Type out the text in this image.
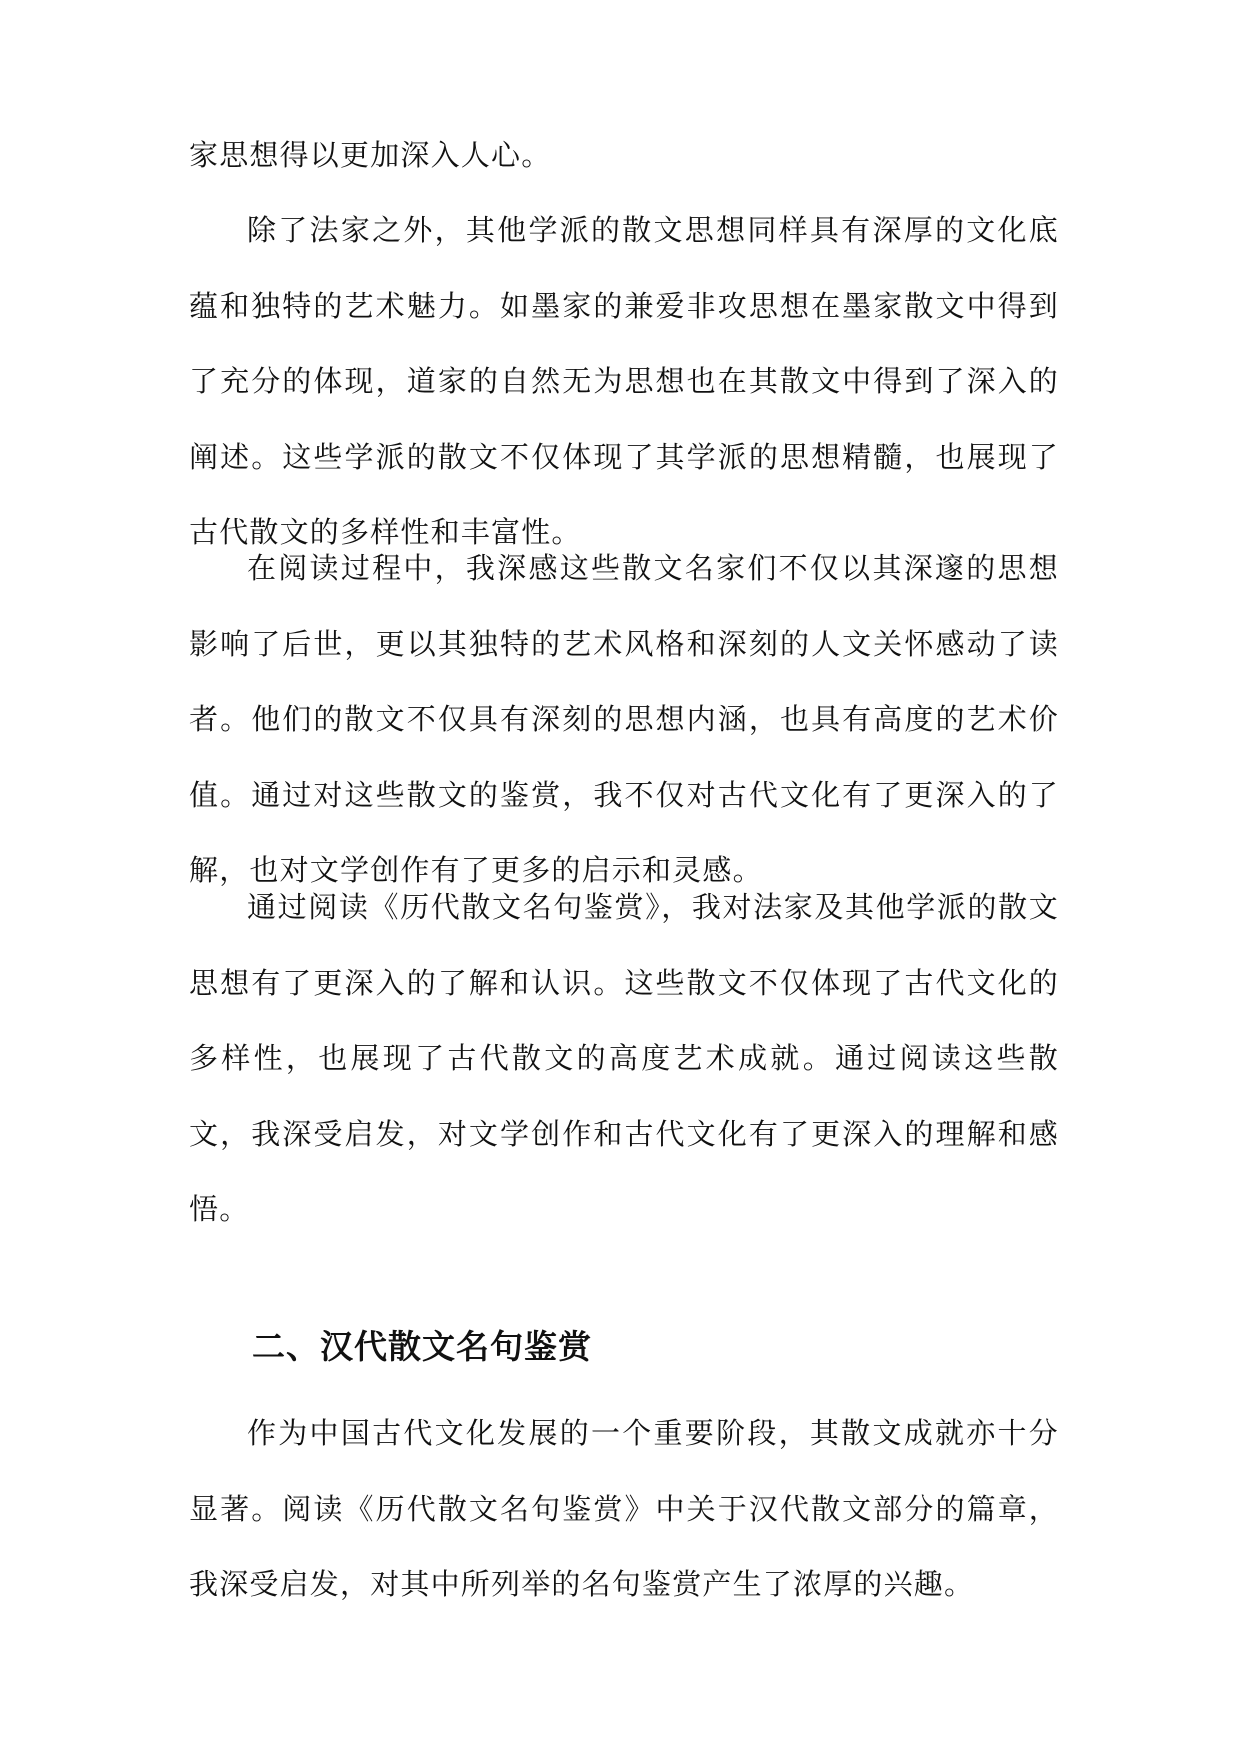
家思想得以更加深入人心。

除了法家之外，其他学派的散文思想同样具有深厚的文化底蕴和独特的艺术魅力。如墨家的兼爱非攻思想在墨家散文中得到了充分的体现，道家的自然无为思想也在其散文中得到了深入的阐述。这些学派的散文不仅体现了其学派的思想精髓，也展现了古代散文的多样性和丰富性。

在阅读过程中，我深感这些散文名家们不仅以其深邃的思想影响了后世，更以其独特的艺术风格和深刻的人文关怀感动了读者。他们的散文不仅具有深刻的思想内涵，也具有高度的艺术价值。通过对这些散文的鉴赏，我不仅对古代文化有了更深入的了解，也对文学创作有了更多的启示和灵感。

通过阅读《历代散文名句鉴赏》，我对法家及其他学派的散文思想有了更深入的了解和认识。这些散文不仅体现了古代文化的多样性，也展现了古代散文的高度艺术成就。通过阅读这些散文，我深受启发，对文学创作和古代文化有了更深入的理解和感悟。

二、汉代散文名句鉴赏

作为中国古代文化发展的一个重要阶段，其散文成就亦十分显著。阅读《历代散文名句鉴赏》中关于汉代散文部分的篇章，我深受启发，对其中所列举的名句鉴赏产生了浓厚的兴趣。
